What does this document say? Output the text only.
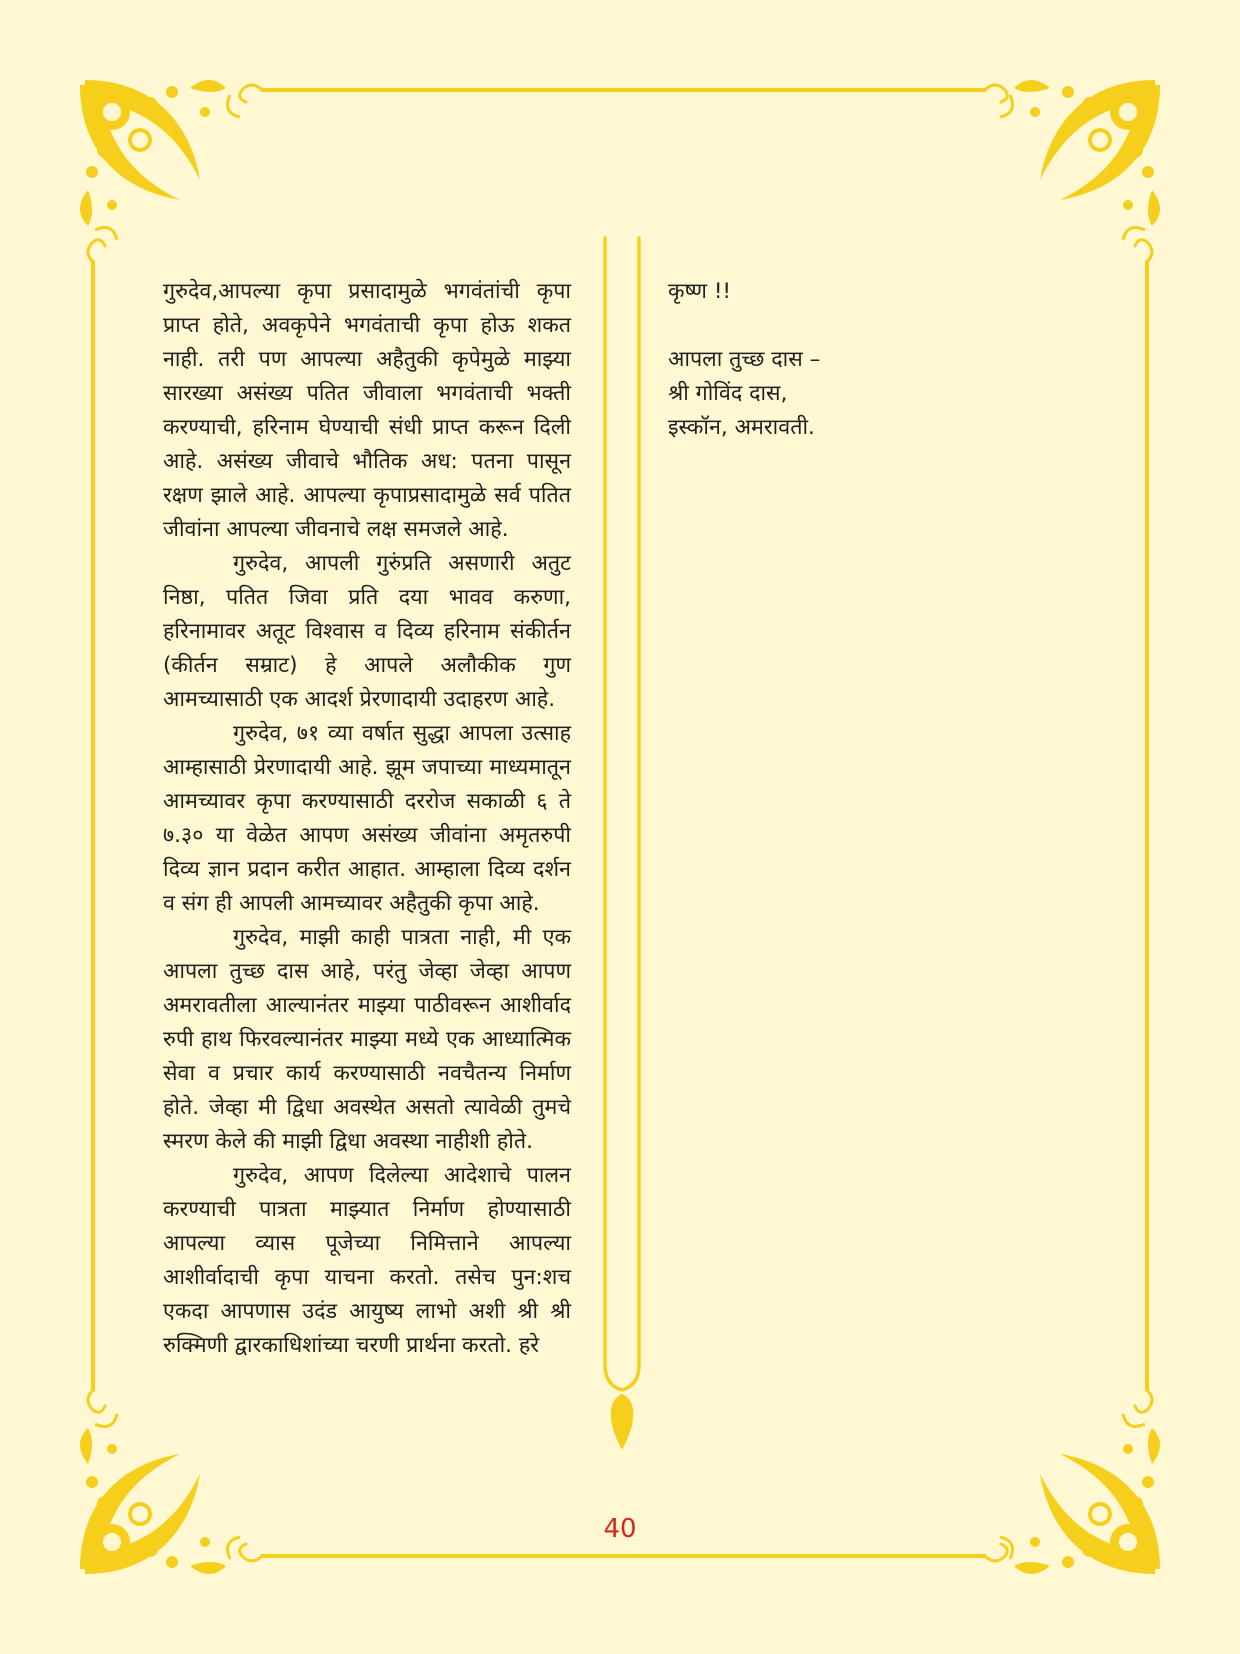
गुरुदेव,आपल्या कृपा प्रसादामुळे भगवंतांची कृपा प्राप्त होते, अवकृपेने भगवंताची कृपा होऊ शकत नाही. तरी पण आपल्या अहैतुकी कृपेमुळे माझ्या सारख्या असंख्य पतित जीवाला भगवंताची भक्ती करण्याची, हरिनाम घेण्याची संधी प्राप्त करून दिली आहे. असंख्य जीवाचे भौतिक अध: पतना पासून रक्षण झाले आहे. आपल्या कृपाप्रसादामुळे सर्व पतित जीवांना आपल्या जीवनाचे लक्ष समजले आहे.

गुरुदेव, आपली गुरुंप्रति असणारी अतुट निष्ठा, पतित जिवा प्रति दया भावव करुणा, हरिनामावर अतूट विश्वास व दिव्य हरिनाम संकीर्तन (कीर्तन सम्राट) हे आपले अलौकीक गुण आमच्यासाठी एक आदर्श प्रेरणादायी उदाहरण आहे.

गुरुदेव, ७१ व्या वर्षात सुद्धा आपला उत्साह आम्हासाठी प्रेरणादायी आहे. झूम जपाच्या माध्यमातून आमच्यावर कृपा करण्यासाठी दररोज सकाळी ६ ते ७.३० या वेळेत आपण असंख्य जीवांना अमृतरुपी दिव्य ज्ञान प्रदान करीत आहात. आम्हाला दिव्य दर्शन व संग ही आपली आमच्यावर अहैतुकी कृपा आहे.

गुरुदेव, माझी काही पात्रता नाही, मी एक आपला तुच्छ दास आहे, परंतु जेव्हा जेव्हा आपण अमरावतीला आल्यानंतर माझ्या पाठीवरून आशीर्वाद रुपी हाथ फिरवल्यानंतर माझ्या मध्ये एक आध्यात्मिक सेवा व प्रचार कार्य करण्यासाठी नवचैतन्य निर्माण होते. जेव्हा मी द्विधा अवस्थेत असतो त्यावेळी तुमचे स्मरण केले की माझी द्विधा अवस्था नाहीशी होते.

गुरुदेव, आपण दिलेल्या आदेशाचे पालन करण्याची पात्रता माझ्यात निर्माण होण्यासाठी आपल्या व्यास पूजेच्या निमित्ताने आपल्या आशीर्वादाची कृपा याचना करतो. तसेच पुन:शच एकदा आपणास उदंड आयुष्य लाभो अशी श्री श्री रुक्मिणी द्वारकाधिशांच्या चरणी प्रार्थना करतो. हरे

कृष्ण !!

आपला तुच्छ दास –

श्री गोविंद दास,

इस्कॉन, अमरावती.

40
